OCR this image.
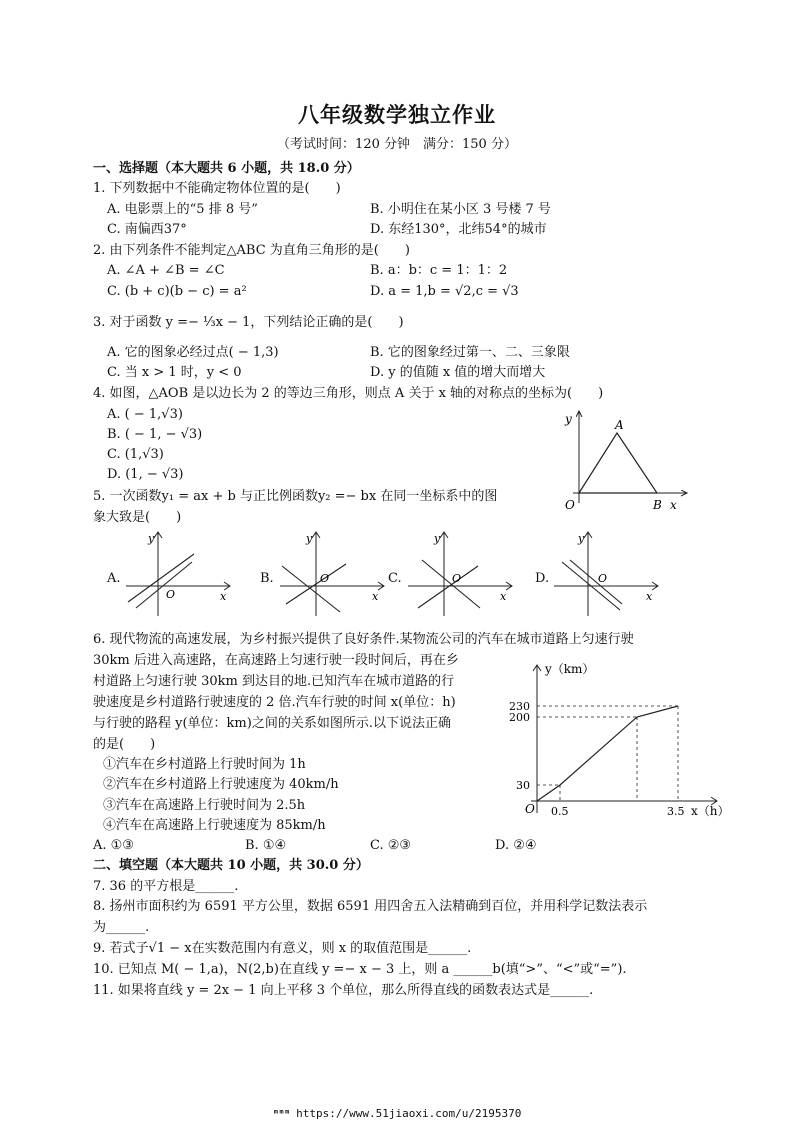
八年级数学独立作业
（考试时间：120 分钟　满分：150 分）
一、选择题（本大题共 6 小题，共 18.0 分）
1. 下列数据中不能确定物体位置的是(　　)
A. 电影票上的“5 排 8 号”	B. 小明住在某小区 3 号楼 7 号
C. 南偏西37°	D. 东经130°，北纬54°的城市
2. 由下列条件不能判定△ABC 为直角三角形的是(　　)
A. ∠A + ∠B = ∠C	B. a：b：c = 1：1：2
C. (b + c)(b − c) = a²	D. a = 1,b = √2,c = √3
3. 对于函数 y =− ⅓x − 1，下列结论正确的是(　　)
A. 它的图象必经过点( − 1,3)	B. 它的图象经过第一、二、三象限
C. 当 x > 1 时，y < 0	D. y 的值随 x 值的增大而增大
4. 如图，△AOB 是以边长为 2 的等边三角形，则点 A 关于 x 轴的对称点的坐标为(　　)
A. ( − 1,√3)
B. ( − 1, − √3)
C. (1,√3)
D. (1, − √3)
y	A
O	B x
5. 一次函数y₁ = ax + b 与正比例函数y₂ =− bx 在同一坐标系中的图
象大致是(　　)
A.
y
O	x
B.
y
O
x
C.
y
O
x
D.
y
O
x
6. 现代物流的高速发展，为乡村振兴提供了良好条件.某物流公司的汽车在城市道路上匀速行驶
30km 后进入高速路，在高速路上匀速行驶一段时间后，再在乡
村道路上匀速行驶 30km 到达目的地.已知汽车在城市道路的行
驶速度是乡村道路行驶速度的 2 倍.汽车行驶的时间 x(单位：h)
与行驶的路程 y(单位：km)之间的关系如图所示.以下说法正确
的是(　　)
①汽车在乡村道路上行驶时间为 1h
②汽车在乡村道路上行驶速度为 40km/h
③汽车在高速路上行驶时间为 2.5h
④汽车在高速路上行驶速度为 85km/h
A. ①③	B. ①④	C. ②③	D. ②④
y（km）
230
200
30
O 0.5	3.5 x（h）
二、填空题（本大题共 10 小题，共 30.0 分）
7. 36 的平方根是______.
8. 扬州市面积约为 6591 平方公里，数据 6591 用四舍五入法精确到百位，并用科学记数法表示
为______.
9. 若式子√1 − x在实数范围内有意义，则 x 的取值范围是______.
10. 已知点 M( − 1,a)，N(2,b)在直线 y =− x − 3 上，则 a ______b(填“>”、“<”或“=”).
11. 如果将直线 y = 2x − 1 向上平移 3 个单位，那么所得直线的函数表达式是______.
ᵐᵐᵐ https://www.51jiaoxi.com/u/2195370
